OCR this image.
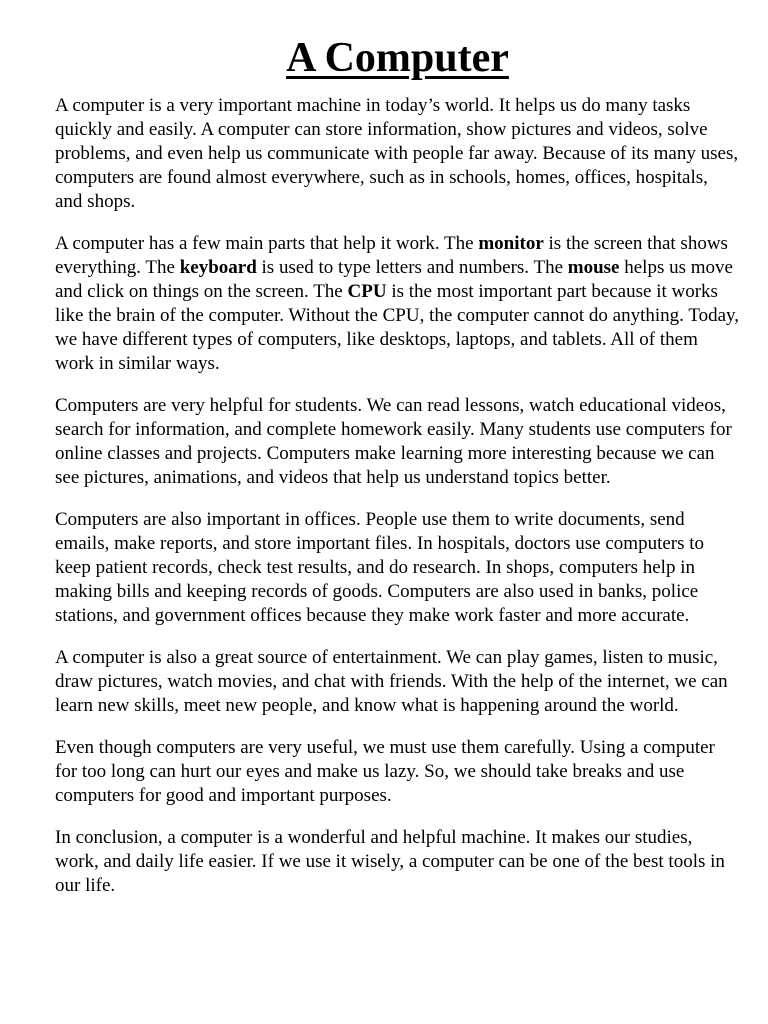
A Computer

A computer is a very important machine in today’s world. It helps us do many tasks quickly and easily. A computer can store information, show pictures and videos, solve problems, and even help us communicate with people far away. Because of its many uses, computers are found almost everywhere, such as in schools, homes, offices, hospitals, and shops.

A computer has a few main parts that help it work. The monitor is the screen that shows everything. The keyboard is used to type letters and numbers. The mouse helps us move and click on things on the screen. The CPU is the most important part because it works like the brain of the computer. Without the CPU, the computer cannot do anything. Today, we have different types of computers, like desktops, laptops, and tablets. All of them work in similar ways.

Computers are very helpful for students. We can read lessons, watch educational videos, search for information, and complete homework easily. Many students use computers for online classes and projects. Computers make learning more interesting because we can see pictures, animations, and videos that help us understand topics better.

Computers are also important in offices. People use them to write documents, send emails, make reports, and store important files. In hospitals, doctors use computers to keep patient records, check test results, and do research. In shops, computers help in making bills and keeping records of goods. Computers are also used in banks, police stations, and government offices because they make work faster and more accurate.

A computer is also a great source of entertainment. We can play games, listen to music, draw pictures, watch movies, and chat with friends. With the help of the internet, we can learn new skills, meet new people, and know what is happening around the world.

Even though computers are very useful, we must use them carefully. Using a computer for too long can hurt our eyes and make us lazy. So, we should take breaks and use computers for good and important purposes.

In conclusion, a computer is a wonderful and helpful machine. It makes our studies, work, and daily life easier. If we use it wisely, a computer can be one of the best tools in our life.
